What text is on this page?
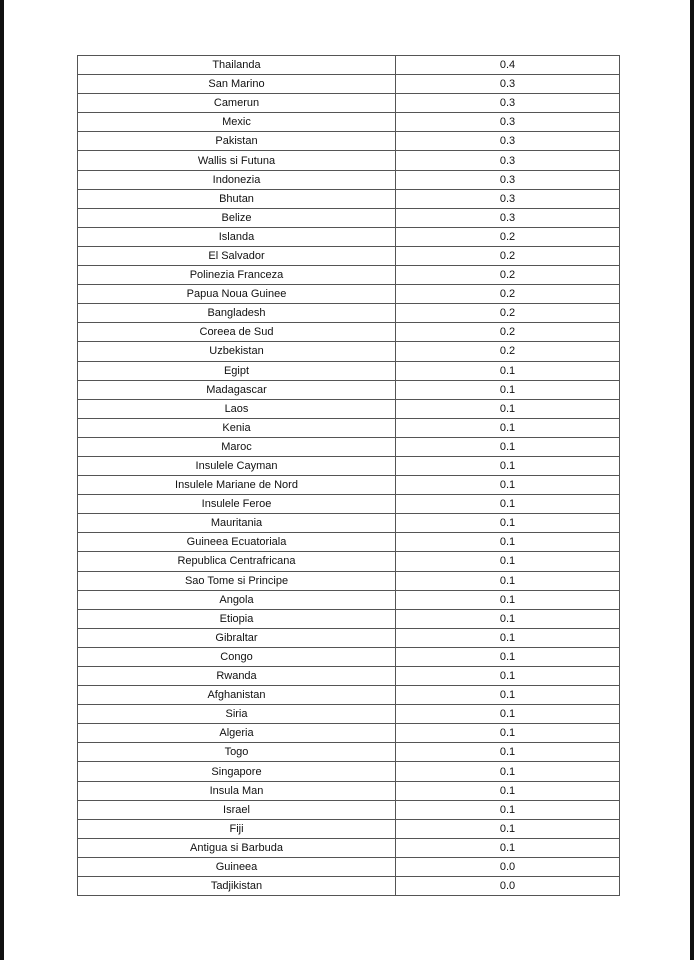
Thailanda	0.4
San Marino	0.3
Camerun	0.3
Mexic	0.3
Pakistan	0.3
Wallis si Futuna	0.3
Indonezia	0.3
Bhutan	0.3
Belize	0.3
Islanda	0.2
El Salvador	0.2
Polinezia Franceza	0.2
Papua Noua Guinee	0.2
Bangladesh	0.2
Coreea de Sud	0.2
Uzbekistan	0.2
Egipt	0.1
Madagascar	0.1
Laos	0.1
Kenia	0.1
Maroc	0.1
Insulele Cayman	0.1
Insulele Mariane de Nord	0.1
Insulele Feroe	0.1
Mauritania	0.1
Guineea Ecuatoriala	0.1
Republica Centrafricana	0.1
Sao Tome si Principe	0.1
Angola	0.1
Etiopia	0.1
Gibraltar	0.1
Congo	0.1
Rwanda	0.1
Afghanistan	0.1
Siria	0.1
Algeria	0.1
Togo	0.1
Singapore	0.1
Insula Man	0.1
Israel	0.1
Fiji	0.1
Antigua si Barbuda	0.1
Guineea	0.0
Tadjikistan	0.0
